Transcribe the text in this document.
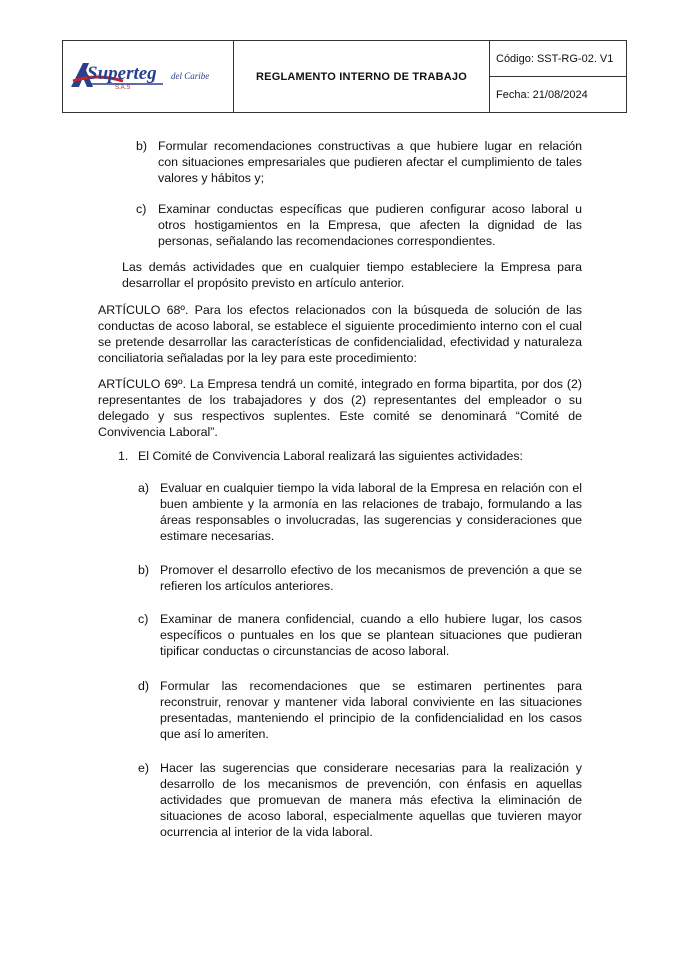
Superteg
S.A.S
del Caribe	REGLAMENTO INTERNO DE TRABAJO
Código: SST-RG-02. V1
Fecha: 21/08/2024
b) Formular recomendaciones constructivas a que hubiere lugar en relación con situaciones empresariales que pudieren afectar el cumplimiento de tales valores y hábitos y;

c) Examinar conductas específicas que pudieren configurar acoso laboral u otros hostigamientos en la Empresa, que afecten la dignidad de las personas, señalando las recomendaciones correspondientes.

Las demás actividades que en cualquier tiempo estableciere la Empresa para desarrollar el propósito previsto en artículo anterior.

ARTÍCULO 68º. Para los efectos relacionados con la búsqueda de solución de las conductas de acoso laboral, se establece el siguiente procedimiento interno con el cual se pretende desarrollar las características de confidencialidad, efectividad y naturaleza conciliatoria señaladas por la ley para este procedimiento:

ARTÍCULO 69º. La Empresa tendrá un comité, integrado en forma bipartita, por dos (2) representantes de los trabajadores y dos (2) representantes del empleador o su delegado y sus respectivos suplentes. Este comité se denominará “Comité de Convivencia Laboral”.

1. El Comité de Convivencia Laboral realizará las siguientes actividades:

a) Evaluar en cualquier tiempo la vida laboral de la Empresa en relación con el buen ambiente y la armonía en las relaciones de trabajo, formulando a las áreas responsables o involucradas, las sugerencias y consideraciones que estimare necesarias.

b) Promover el desarrollo efectivo de los mecanismos de prevención a que se refieren los artículos anteriores.

c) Examinar de manera confidencial, cuando a ello hubiere lugar, los casos específicos o puntuales en los que se plantean situaciones que pudieran tipificar conductas o circunstancias de acoso laboral.

d) Formular las recomendaciones que se estimaren pertinentes para reconstruir, renovar y mantener vida laboral conviviente en las situaciones presentadas, manteniendo el principio de la confidencialidad en los casos que así lo ameriten.

e) Hacer las sugerencias que considerare necesarias para la realización y desarrollo de los mecanismos de prevención, con énfasis en aquellas actividades que promuevan de manera más efectiva la eliminación de situaciones de acoso laboral, especialmente aquellas que tuvieren mayor ocurrencia al interior de la vida laboral.
